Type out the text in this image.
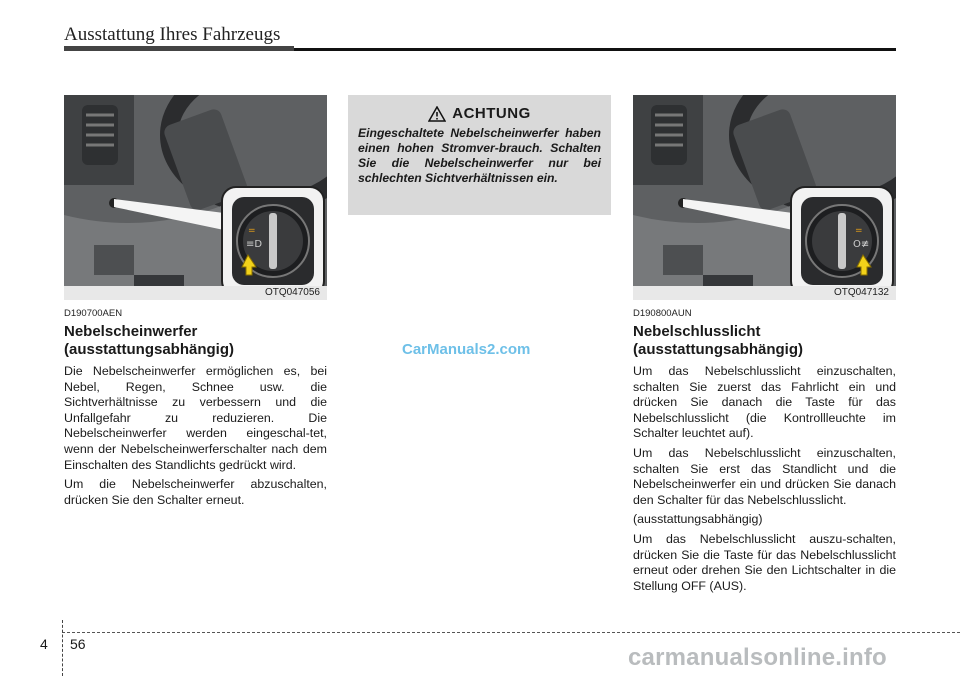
Ausstattung Ihres Fahrzeugs
=
≡D
OTQ047056
ACHTUNG
Eingeschaltete Nebelscheinwerfer haben einen hohen Stromver-brauch. Schalten Sie die Nebelscheinwerfer nur bei schlechten Sichtverhältnissen ein.
=
O≢
OTQ047132
D190700AEN
Nebelscheinwerfer
(ausstattungsabhängig)

Die Nebelscheinwerfer ermöglichen es, bei Nebel, Regen, Schnee usw. die Sichtverhältnisse zu verbessern und die Unfallgefahr zu reduzieren. Die Nebelscheinwerfer werden eingeschal-tet, wenn der Nebelscheinwerferschalter nach dem Einschalten des Standlichts gedrückt wird.

Um die Nebelscheinwerfer abzuschalten, drücken Sie den Schalter erneut.

CarManuals2.com
D190800AUN
Nebelschlusslicht
(ausstattungsabhängig)

Um das Nebelschlusslicht einzuschalten, schalten Sie zuerst das Fahrlicht ein und drücken Sie danach die Taste für das Nebelschlusslicht (die Kontrollleuchte im Schalter leuchtet auf).

Um das Nebelschlusslicht einzuschalten, schalten Sie erst das Standlicht und die Nebelscheinwerfer ein und drücken Sie danach den Schalter für das Nebelschlusslicht.

(ausstattungsabhängig)

Um das Nebelschlusslicht auszu-schalten, drücken Sie die Taste für das Nebelschlusslicht erneut oder drehen Sie den Lichtschalter in die Stellung OFF (AUS).

4 56	carmanualsonline.info
